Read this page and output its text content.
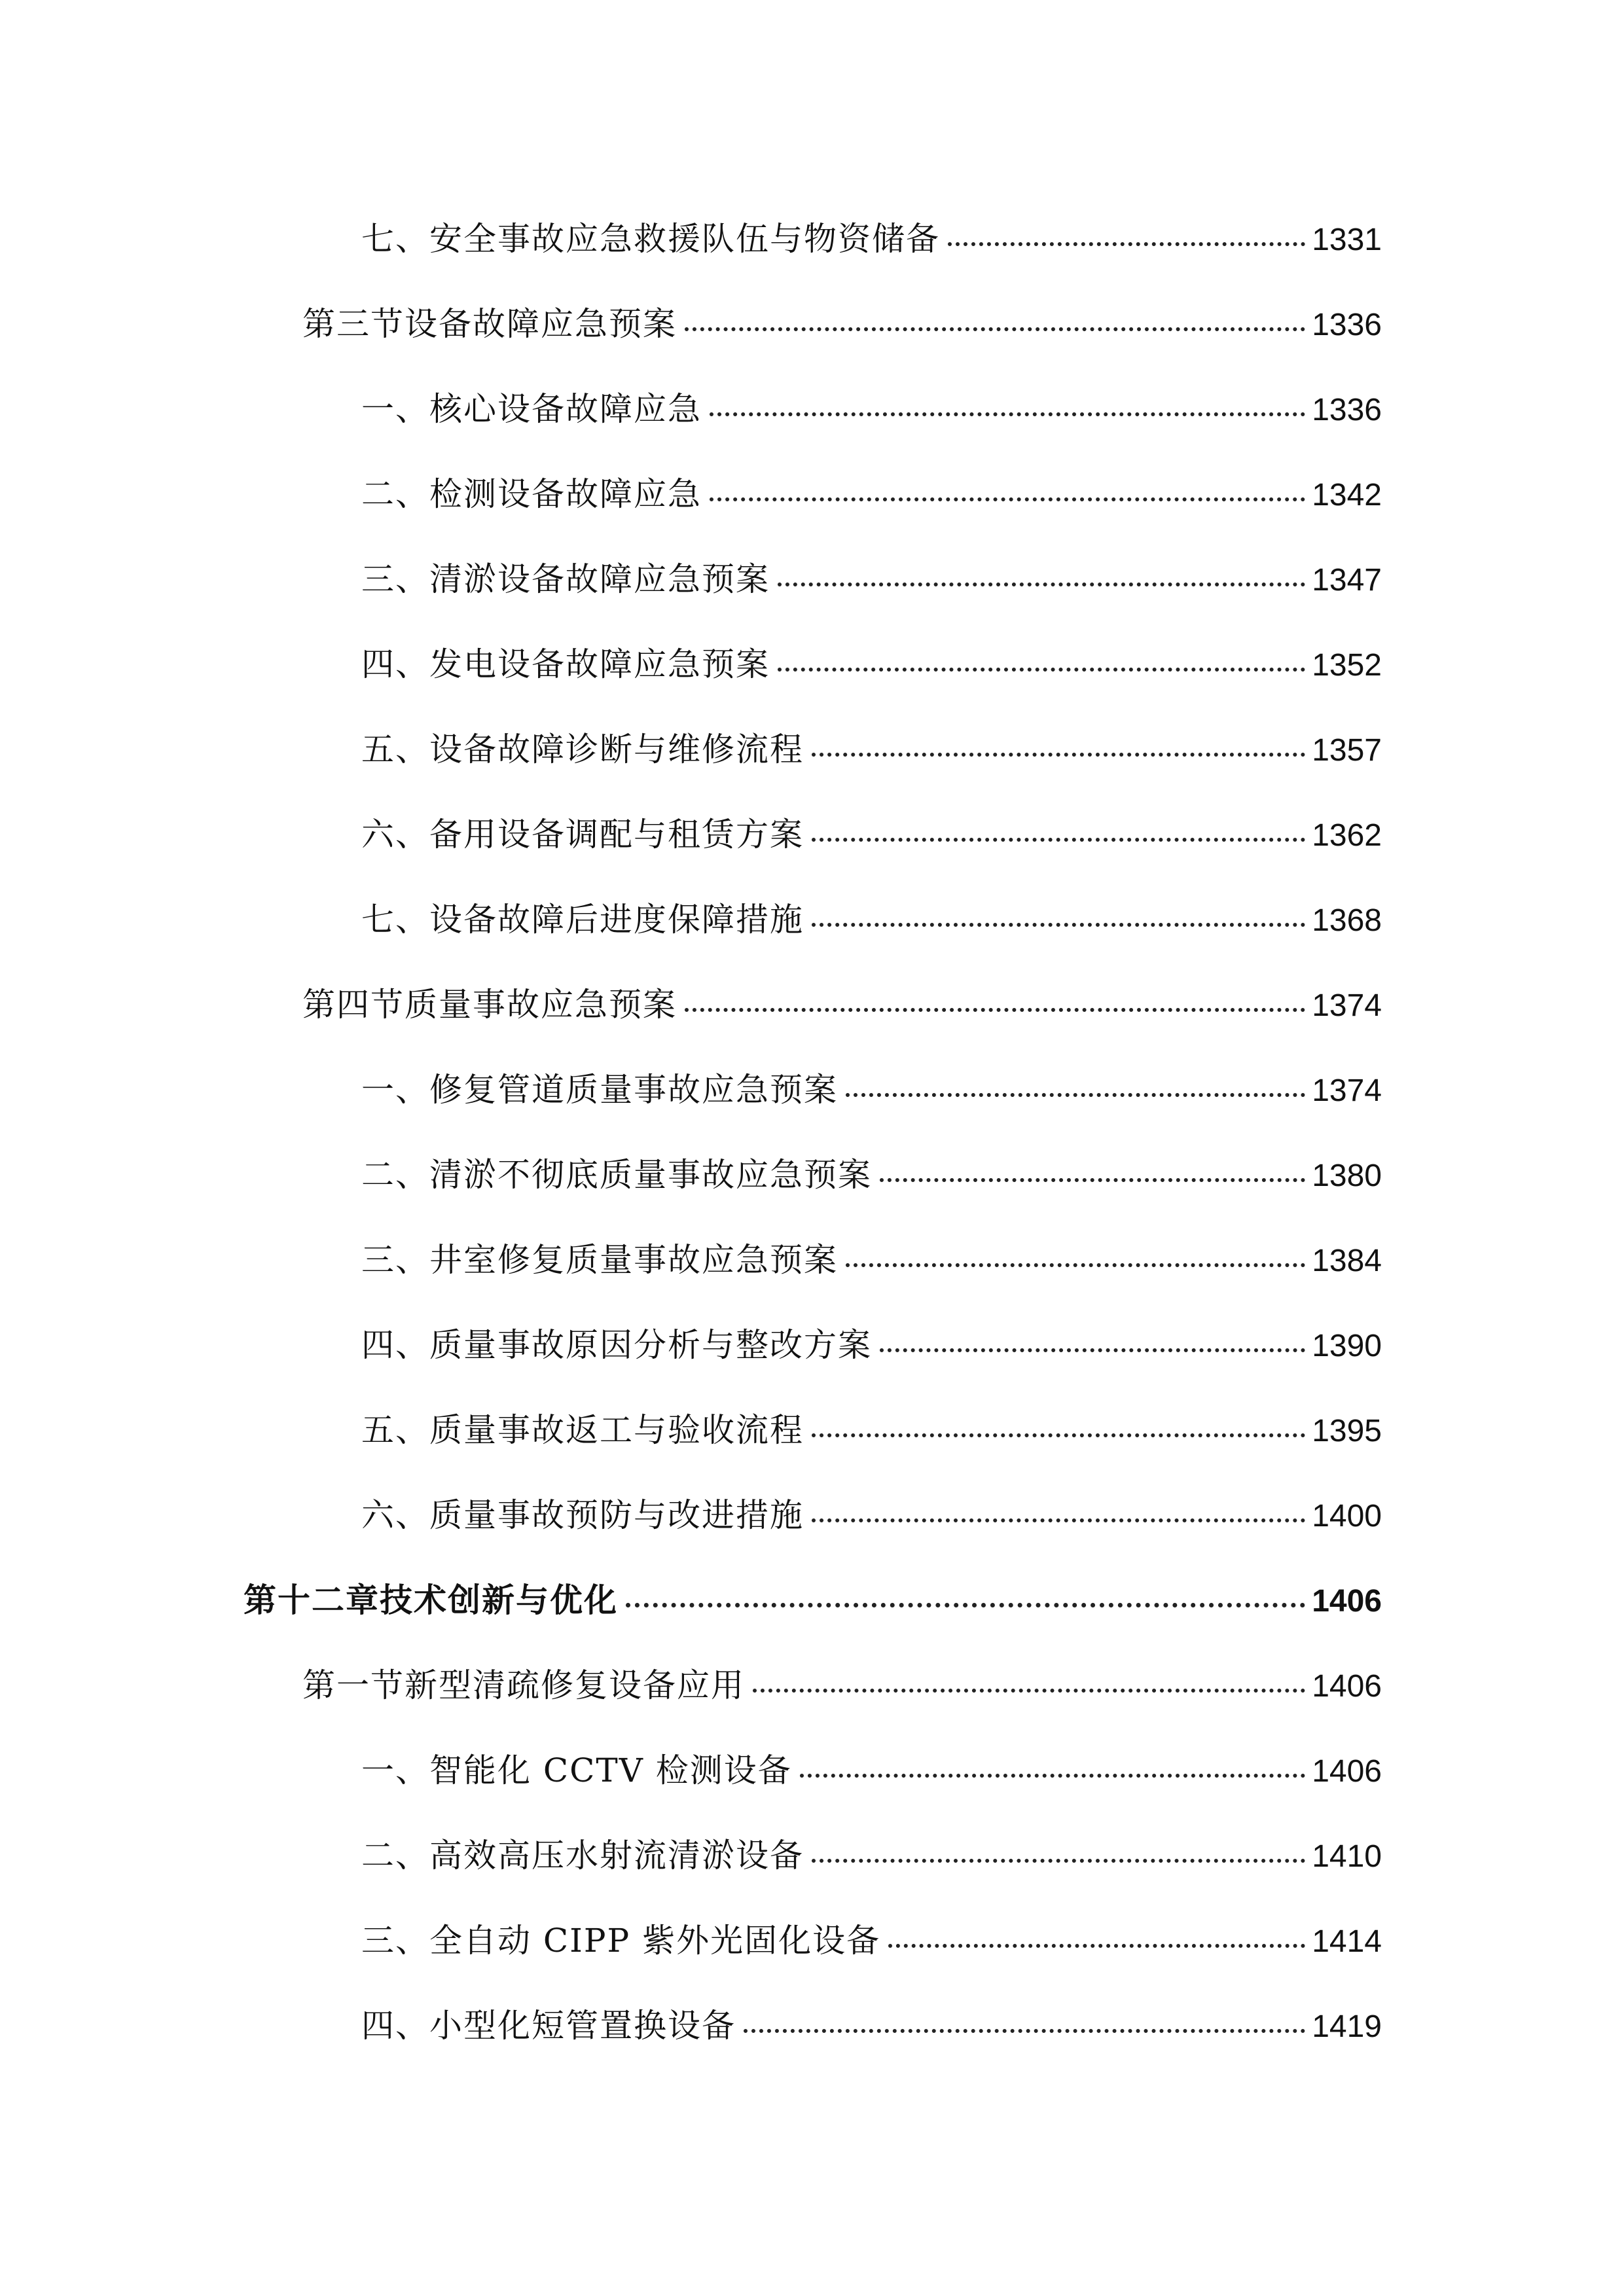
七、安全事故应急救援队伍与物资储备	1331
第三节设备故障应急预案	1336
一、核心设备故障应急	1336
二、检测设备故障应急	1342
三、清淤设备故障应急预案	1347
四、发电设备故障应急预案	1352
五、设备故障诊断与维修流程	1357
六、备用设备调配与租赁方案	1362
七、设备故障后进度保障措施	1368
第四节质量事故应急预案	1374
一、修复管道质量事故应急预案	1374
二、清淤不彻底质量事故应急预案	1380
三、井室修复质量事故应急预案	1384
四、质量事故原因分析与整改方案	1390
五、质量事故返工与验收流程	1395
六、质量事故预防与改进措施	1400
第十二章技术创新与优化	1406
第一节新型清疏修复设备应用	1406
一、智能化 CCTV 检测设备	1406
二、高效高压水射流清淤设备	1410
三、全自动 CIPP 紫外光固化设备	1414
四、小型化短管置换设备	1419
